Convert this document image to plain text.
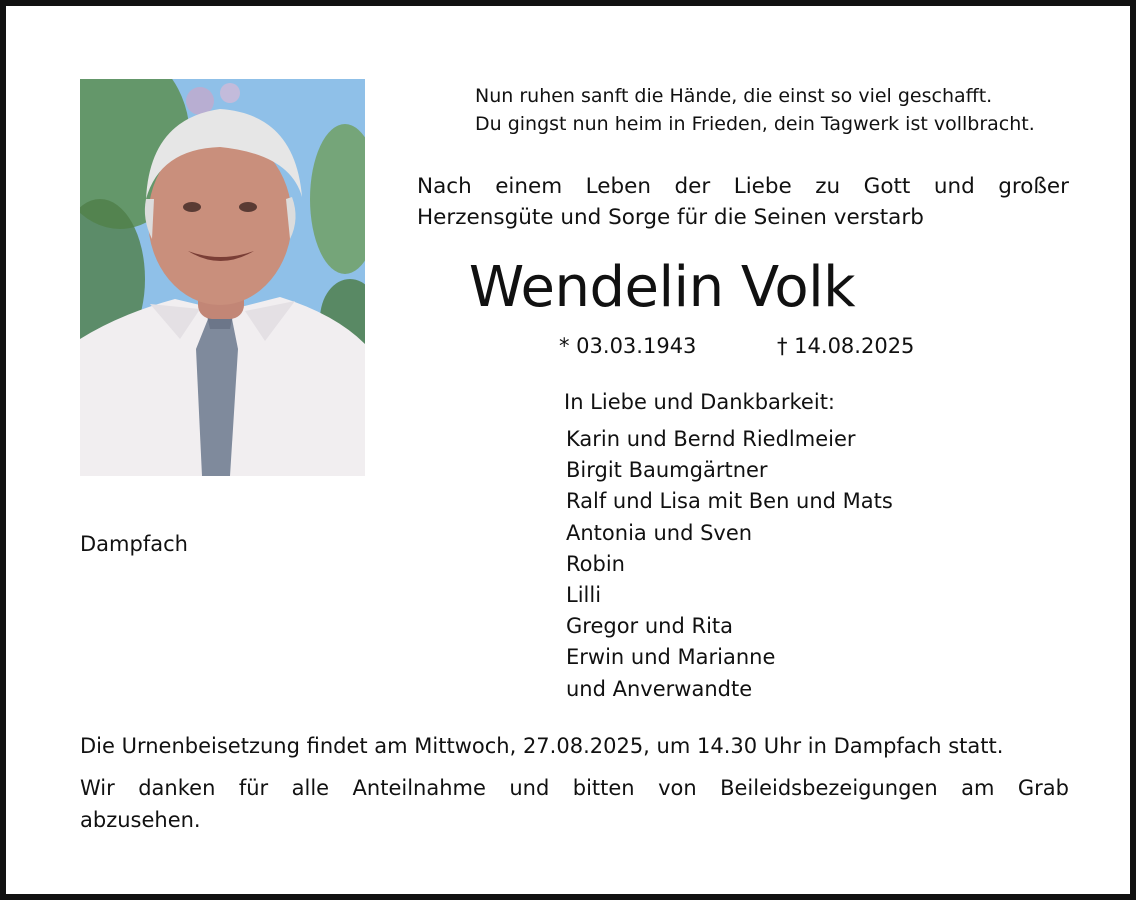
Nun ruhen sanft die Hände, die einst so viel geschafft.
Du gingst nun heim in Frieden, dein Tagwerk ist vollbracht.
Nach einem Leben der Liebe zu Gott und großer
Herzensgüte und Sorge für die Seinen verstarb
Wendelin Volk
* 03.03.1943	† 14.08.2025
In Liebe und Dankbarkeit:
Karin und Bernd Riedlmeier
Birgit Baumgärtner
Ralf und Lisa mit Ben und Mats
Antonia und Sven
Robin
Lilli
Gregor und Rita
Erwin und Marianne
und Anverwandte
Dampfach
Die Urnenbeisetzung findet am Mittwoch, 27.08.2025, um 14.30 Uhr in Dampfach statt.
Wir danken für alle Anteilnahme und bitten von Beileidsbezeigungen am Grab
abzusehen.
